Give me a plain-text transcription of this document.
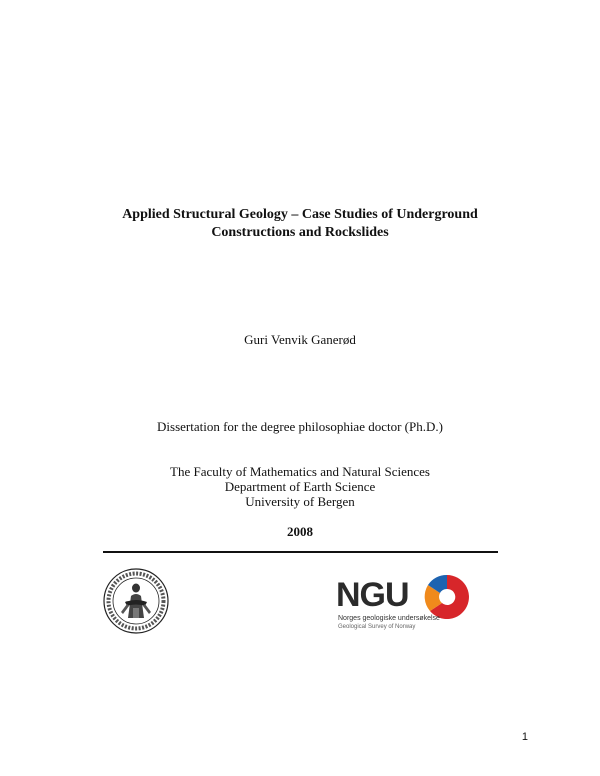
Applied Structural Geology – Case Studies of Underground
Constructions and Rockslides
Guri Venvik Ganerød
Dissertation for the degree philosophiae doctor (Ph.D.)
The Faculty of Mathematics and Natural Sciences
Department of Earth Science
University of Bergen
2008
NGU
Norges geologiske undersøkelse
Geological Survey of Norway
1
